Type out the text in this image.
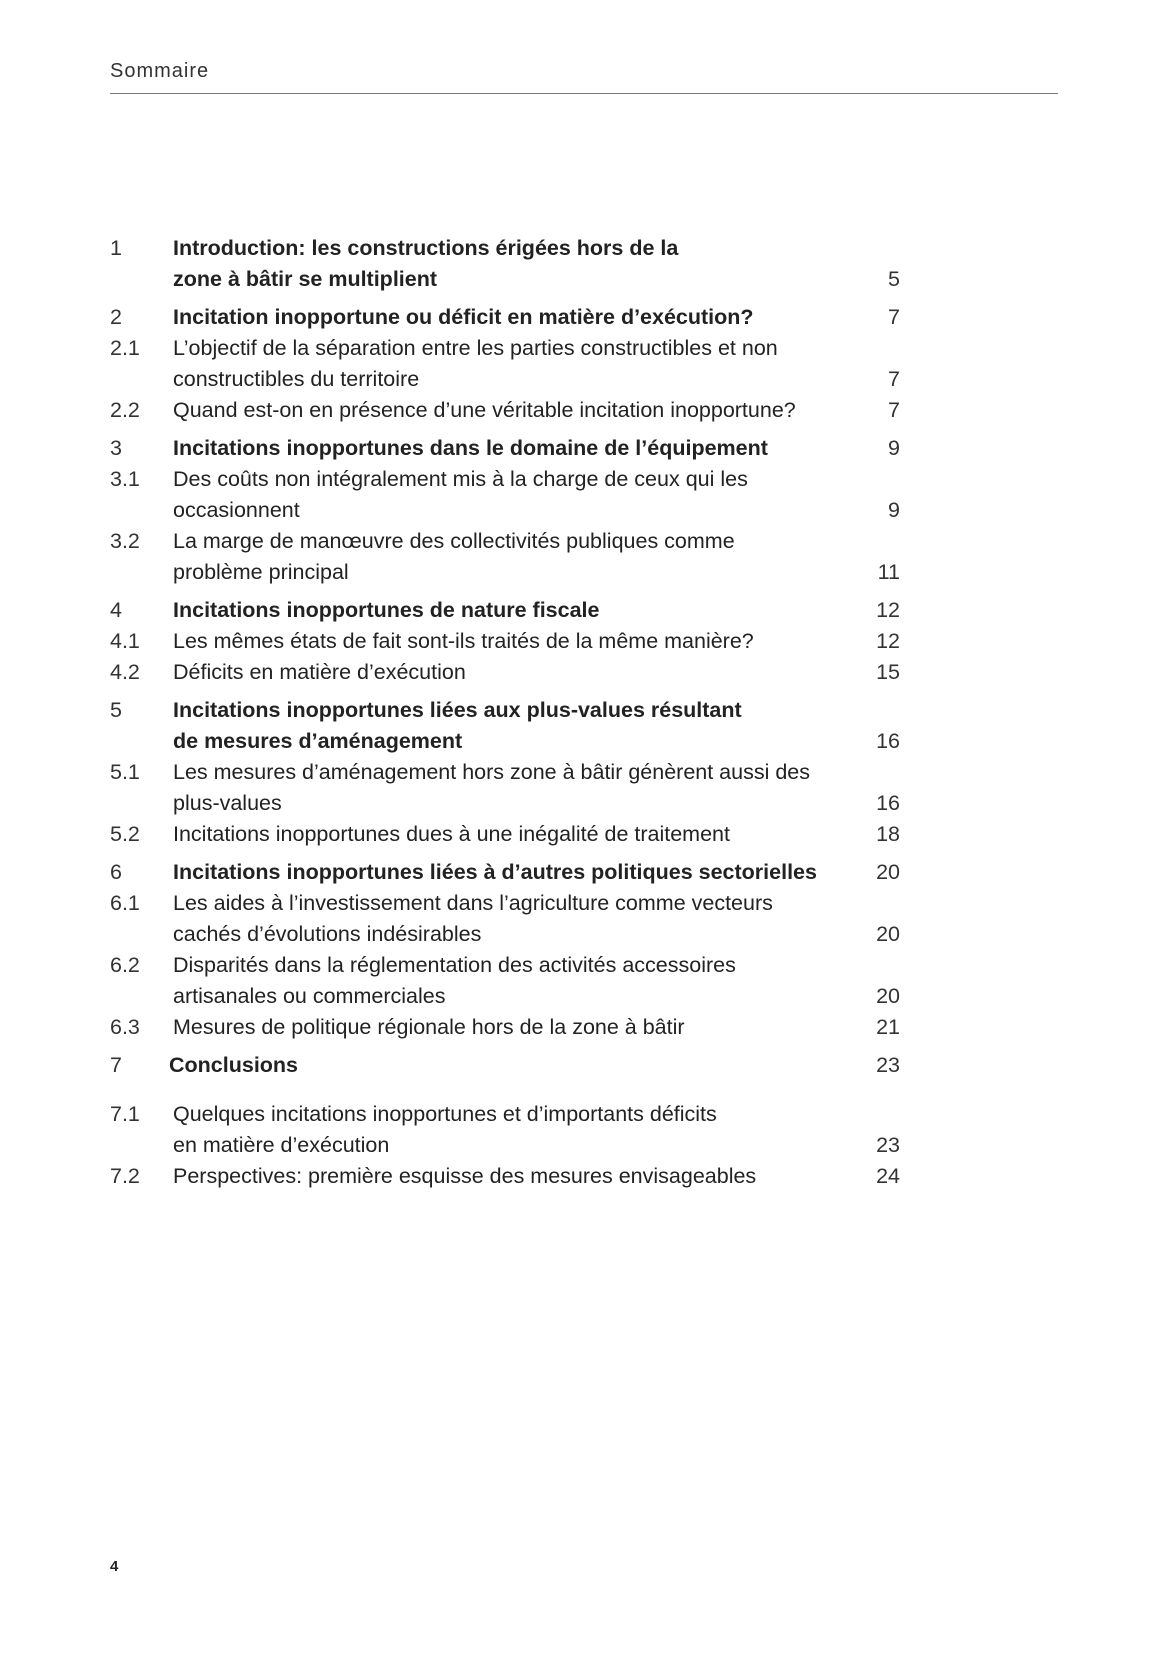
Sommaire
1	Introduction: les constructions érigées hors de la
zone à bâtir se multiplient	5
2	Incitation inopportune ou déficit en matière d’exécution?	7
2.1	L’objectif de la séparation entre les parties constructibles et non
constructibles du territoire	7
2.2	Quand est-on en présence d’une véritable incitation inopportune?	7
3	Incitations inopportunes dans le domaine de l’équipement	9
3.1	Des coûts non intégralement mis à la charge de ceux qui les
occasionnent	9
3.2	La marge de manœuvre des collectivités publiques comme
problème principal	11
4	Incitations inopportunes de nature fiscale	12
4.1	Les mêmes états de fait sont-ils traités de la même manière?	12
4.2	Déficits en matière d’exécution	15
5	Incitations inopportunes liées aux plus-values résultant
de mesures d’aménagement	16
5.1	Les mesures d’aménagement hors zone à bâtir génèrent aussi des
plus-values	16
5.2	Incitations inopportunes dues à une inégalité de traitement	18
6	Incitations inopportunes liées à d’autres politiques sectorielles	20
6.1	Les aides à l’investissement dans l’agriculture comme vecteurs
cachés d’évolutions indésirables	20
6.2	Disparités dans la réglementation des activités accessoires
artisanales ou commerciales	20
6.3	Mesures de politique régionale hors de la zone à bâtir	21
7	Conclusions	23
7.1	Quelques incitations inopportunes et d’importants déficits
en matière d’exécution	23
7.2	Perspectives: première esquisse des mesures envisageables	24
4
